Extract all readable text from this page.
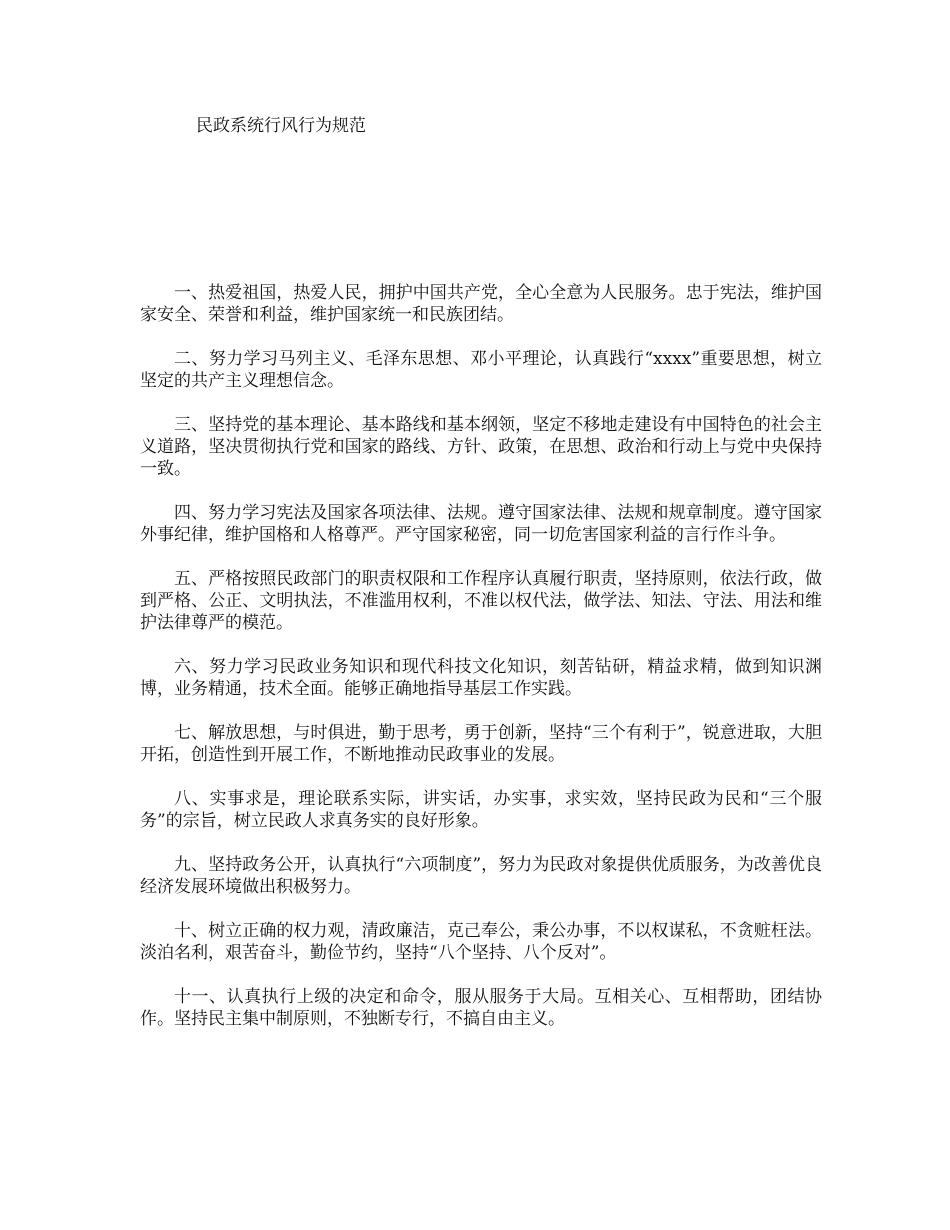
民政系统行风行为规范

一、热爱祖国，热爱人民，拥护中国共产党，全心全意为人民服务。忠于宪法，维护国家安全、荣誉和利益，维护国家统一和民族团结。

二、努力学习马列主义、毛泽东思想、邓小平理论，认真践行“xxxx”重要思想，树立坚定的共产主义理想信念。

三、坚持党的基本理论、基本路线和基本纲领，坚定不移地走建设有中国特色的社会主义道路，坚决贯彻执行党和国家的路线、方针、政策，在思想、政治和行动上与党中央保持一致。

四、努力学习宪法及国家各项法律、法规。遵守国家法律、法规和规章制度。遵守国家外事纪律，维护国格和人格尊严。严守国家秘密，同一切危害国家利益的言行作斗争。

五、严格按照民政部门的职责权限和工作程序认真履行职责，坚持原则，依法行政，做到严格、公正、文明执法，不准滥用权利，不准以权代法，做学法、知法、守法、用法和维护法律尊严的模范。

六、努力学习民政业务知识和现代科技文化知识，刻苦钻研，精益求精，做到知识渊博，业务精通，技术全面。能够正确地指导基层工作实践。

七、解放思想，与时俱进，勤于思考，勇于创新，坚持“三个有利于”，锐意进取，大胆开拓，创造性到开展工作，不断地推动民政事业的发展。

八、实事求是，理论联系实际，讲实话，办实事，求实效，坚持民政为民和“三个服务”的宗旨，树立民政人求真务实的良好形象。

九、坚持政务公开，认真执行“六项制度”，努力为民政对象提供优质服务，为改善优良经济发展环境做出积极努力。

十、树立正确的权力观，清政廉洁，克己奉公，秉公办事，不以权谋私，不贪赃枉法。淡泊名利，艰苦奋斗，勤俭节约，坚持“八个坚持、八个反对”。

十一、认真执行上级的决定和命令，服从服务于大局。互相关心、互相帮助，团结协作。坚持民主集中制原则，不独断专行，不搞自由主义。
